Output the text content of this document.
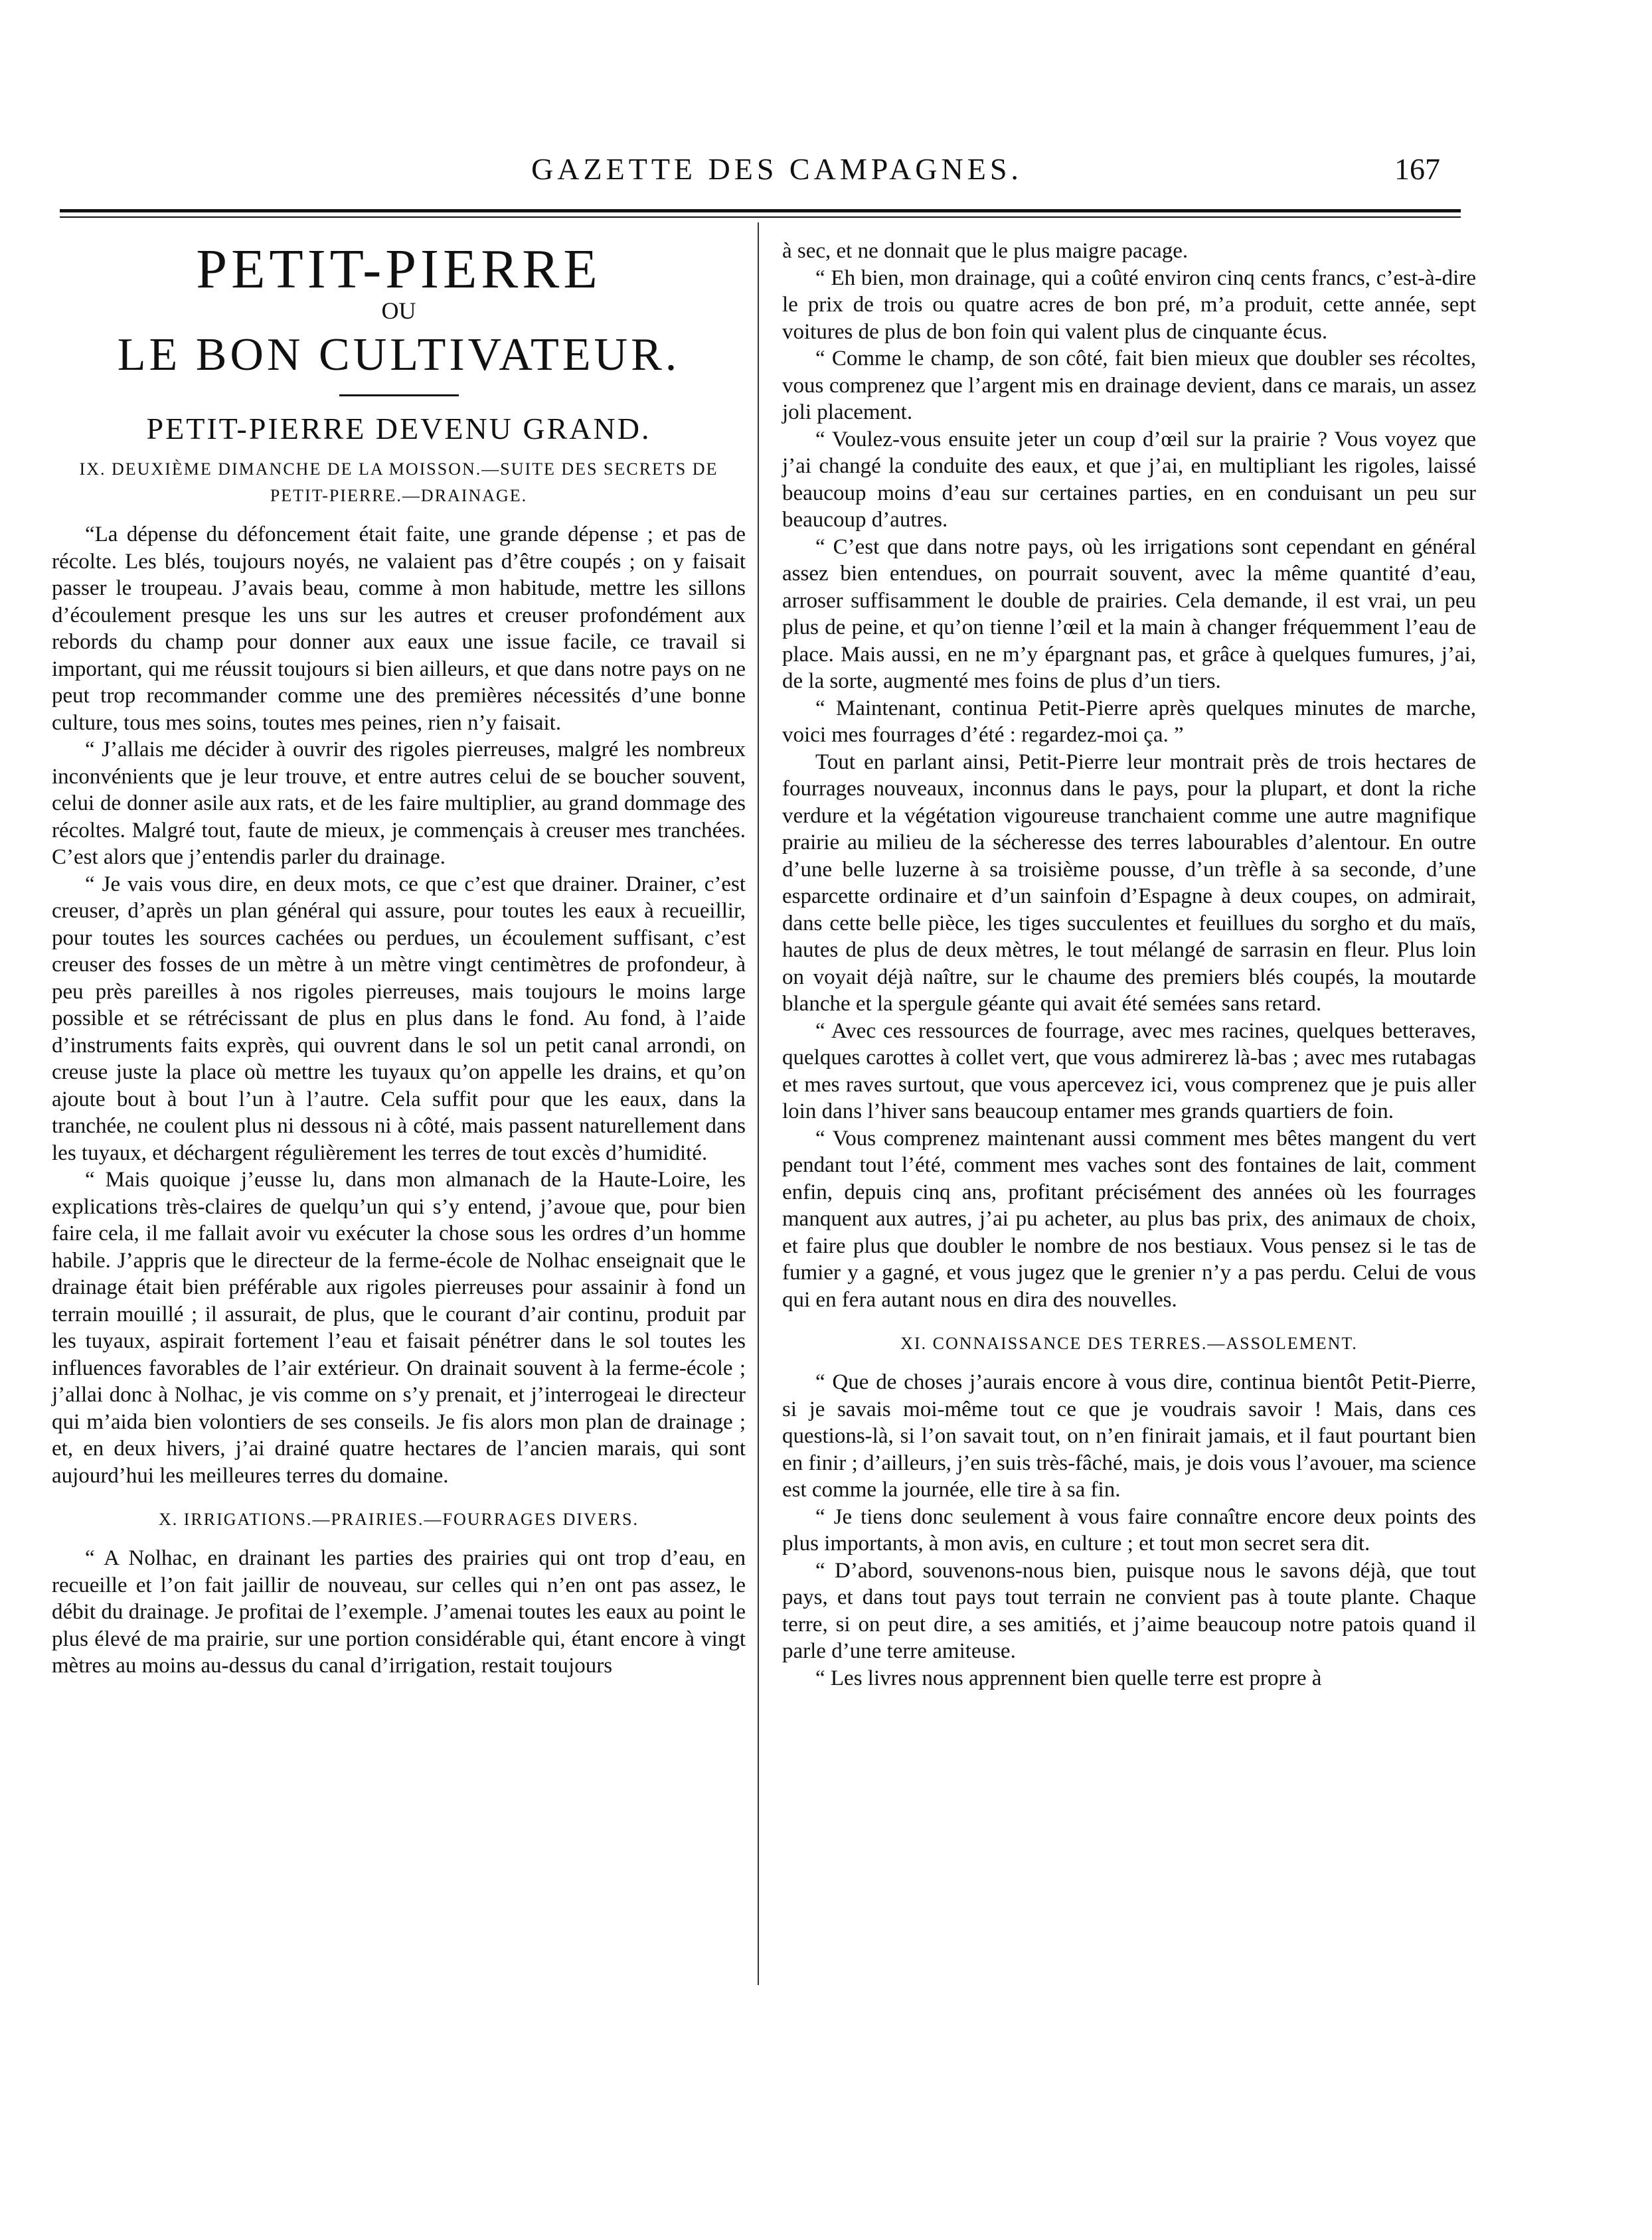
GAZETTE DES CAMPAGNES.	167
PETIT-PIERRE
OU
LE BON CULTIVATEUR.
PETIT-PIERRE DEVENU GRAND.
IX. DEUXIÈME DIMANCHE DE LA MOISSON.—SUITE DES SECRETS DE PETIT-PIERRE.—DRAINAGE.

“La dépense du défoncement était faite, une grande dépense ; et pas de récolte. Les blés, toujours noyés, ne valaient pas d’être coupés ; on y faisait passer le troupeau. J’avais beau, comme à mon habitude, mettre les sillons d’écoulement presque les uns sur les autres et creuser profondément aux rebords du champ pour donner aux eaux une issue facile, ce travail si important, qui me réussit toujours si bien ailleurs, et que dans notre pays on ne peut trop recommander comme une des premières nécessités d’une bonne culture, tous mes soins, toutes mes peines, rien n’y faisait.

“ J’allais me décider à ouvrir des rigoles pierreuses, malgré les nombreux inconvénients que je leur trouve, et entre autres celui de se boucher souvent, celui de donner asile aux rats, et de les faire multiplier, au grand dommage des récoltes. Malgré tout, faute de mieux, je commençais à creuser mes tranchées. C’est alors que j’entendis parler du drainage.

“ Je vais vous dire, en deux mots, ce que c’est que drainer. Drainer, c’est creuser, d’après un plan général qui assure, pour toutes les eaux à recueillir, pour toutes les sources cachées ou perdues, un écoulement suffisant, c’est creuser des fosses de un mètre à un mètre vingt centimètres de profondeur, à peu près pareilles à nos rigoles pierreuses, mais toujours le moins large possible et se rétrécissant de plus en plus dans le fond. Au fond, à l’aide d’instruments faits exprès, qui ouvrent dans le sol un petit canal arrondi, on creuse juste la place où mettre les tuyaux qu’on appelle les drains, et qu’on ajoute bout à bout l’un à l’autre. Cela suffit pour que les eaux, dans la tranchée, ne coulent plus ni dessous ni à côté, mais passent naturellement dans les tuyaux, et déchargent régulièrement les terres de tout excès d’humidité.

“ Mais quoique j’eusse lu, dans mon almanach de la Haute-Loire, les explications très-claires de quelqu’un qui s’y entend, j’avoue que, pour bien faire cela, il me fallait avoir vu exécuter la chose sous les ordres d’un homme habile. J’appris que le directeur de la ferme-école de Nolhac enseignait que le drainage était bien préférable aux rigoles pierreuses pour assainir à fond un terrain mouillé ; il assurait, de plus, que le courant d’air continu, produit par les tuyaux, aspirait fortement l’eau et faisait pénétrer dans le sol toutes les influences favorables de l’air extérieur. On drainait souvent à la ferme-école ; j’allai donc à Nolhac, je vis comme on s’y prenait, et j’interrogeai le directeur qui m’aida bien volontiers de ses conseils. Je fis alors mon plan de drainage ; et, en deux hivers, j’ai drainé quatre hectares de l’ancien marais, qui sont aujourd’hui les meilleures terres du domaine.

X. IRRIGATIONS.—PRAIRIES.—FOURRAGES DIVERS.

“ A Nolhac, en drainant les parties des prairies qui ont trop d’eau, en recueille et l’on fait jaillir de nouveau, sur celles qui n’en ont pas assez, le débit du drainage. Je profitai de l’exemple. J’amenai toutes les eaux au point le plus élevé de ma prairie, sur une portion considérable qui, étant encore à vingt mètres au moins au-dessus du canal d’irrigation, restait toujours

à sec, et ne donnait que le plus maigre pacage.

“ Eh bien, mon drainage, qui a coûté environ cinq cents francs, c’est-à-dire le prix de trois ou quatre acres de bon pré, m’a produit, cette année, sept voitures de plus de bon foin qui valent plus de cinquante écus.

“ Comme le champ, de son côté, fait bien mieux que doubler ses récoltes, vous comprenez que l’argent mis en drainage devient, dans ce marais, un assez joli placement.

“ Voulez-vous ensuite jeter un coup d’œil sur la prairie ? Vous voyez que j’ai changé la conduite des eaux, et que j’ai, en multipliant les rigoles, laissé beaucoup moins d’eau sur certaines parties, en en conduisant un peu sur beaucoup d’autres.

“ C’est que dans notre pays, où les irrigations sont cependant en général assez bien entendues, on pourrait souvent, avec la même quantité d’eau, arroser suffisamment le double de prairies. Cela demande, il est vrai, un peu plus de peine, et qu’on tienne l’œil et la main à changer fréquemment l’eau de place. Mais aussi, en ne m’y épargnant pas, et grâce à quelques fumures, j’ai, de la sorte, augmenté mes foins de plus d’un tiers.

“ Maintenant, continua Petit-Pierre après quelques minutes de marche, voici mes fourrages d’été : regardez-moi ça. ”

Tout en parlant ainsi, Petit-Pierre leur montrait près de trois hectares de fourrages nouveaux, inconnus dans le pays, pour la plupart, et dont la riche verdure et la végétation vigoureuse tranchaient comme une autre magnifique prairie au milieu de la sécheresse des terres labourables d’alentour. En outre d’une belle luzerne à sa troisième pousse, d’un trèfle à sa seconde, d’une esparcette ordinaire et d’un sainfoin d’Espagne à deux coupes, on admirait, dans cette belle pièce, les tiges succulentes et feuillues du sorgho et du maïs, hautes de plus de deux mètres, le tout mélangé de sarrasin en fleur. Plus loin on voyait déjà naître, sur le chaume des premiers blés coupés, la moutarde blanche et la spergule géante qui avait été semées sans retard.

“ Avec ces ressources de fourrage, avec mes racines, quelques betteraves, quelques carottes à collet vert, que vous admirerez là-bas ; avec mes rutabagas et mes raves surtout, que vous apercevez ici, vous comprenez que je puis aller loin dans l’hiver sans beaucoup entamer mes grands quartiers de foin.

“ Vous comprenez maintenant aussi comment mes bêtes mangent du vert pendant tout l’été, comment mes vaches sont des fontaines de lait, comment enfin, depuis cinq ans, profitant précisément des années où les fourrages manquent aux autres, j’ai pu acheter, au plus bas prix, des animaux de choix, et faire plus que doubler le nombre de nos bestiaux. Vous pensez si le tas de fumier y a gagné, et vous jugez que le grenier n’y a pas perdu. Celui de vous qui en fera autant nous en dira des nouvelles.

XI. CONNAISSANCE DES TERRES.—ASSOLEMENT.

“ Que de choses j’aurais encore à vous dire, continua bientôt Petit-Pierre, si je savais moi-même tout ce que je voudrais savoir ! Mais, dans ces questions-là, si l’on savait tout, on n’en finirait jamais, et il faut pourtant bien en finir ; d’ailleurs, j’en suis très-fâché, mais, je dois vous l’avouer, ma science est comme la journée, elle tire à sa fin.

“ Je tiens donc seulement à vous faire connaître encore deux points des plus importants, à mon avis, en culture ; et tout mon secret sera dit.

“ D’abord, souvenons-nous bien, puisque nous le savons déjà, que tout pays, et dans tout pays tout terrain ne convient pas à toute plante. Chaque terre, si on peut dire, a ses amitiés, et j’aime beaucoup notre patois quand il parle d’une terre amiteuse.

“ Les livres nous apprennent bien quelle terre est propre à
